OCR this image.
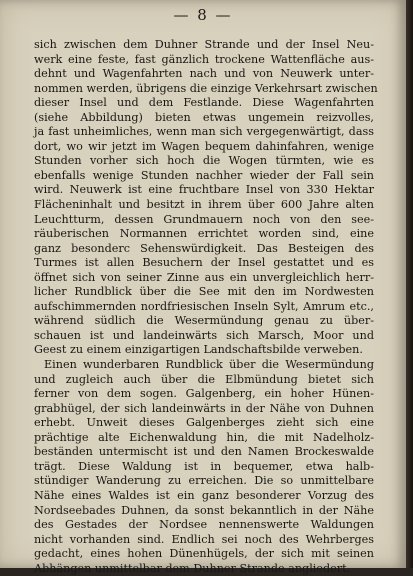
— 8 —
sich zwischen dem Duhner Strande und der Insel Neu-
werk eine feste, fast gänzlich trockene Wattenfläche aus-
dehnt und Wagenfahrten nach und von Neuwerk unter-
nommen werden, übrigens die einzige Verkehrsart zwischen
dieser Insel und dem Festlande. Diese Wagenfahrten
(siehe Abbildung) bieten etwas ungemein reizvolles,
ja fast unheimliches, wenn man sich vergegenwärtigt, dass
dort, wo wir jetzt im Wagen bequem dahinfahren, wenige
Stunden vorher sich hoch die Wogen türmten, wie es
ebenfalls wenige Stunden nachher wieder der Fall sein
wird. Neuwerk ist eine fruchtbare Insel von 330 Hektar
Flächeninhalt und besitzt in ihrem über 600 Jahre alten
Leuchtturm, dessen Grundmauern noch von den see-
räuberischen Normannen errichtet worden sind, eine
ganz besonderc Sehenswürdigkeit. Das Besteigen des
Turmes ist allen Besuchern der Insel gestattet und es
öffnet sich von seiner Zinne aus ein unvergleichlich herr-
licher Rundblick über die See mit den im Nordwesten
aufschimmernden nordfriesischen Inseln Sylt, Amrum etc.,
während südlich die Wesermündung genau zu über-
schauen ist und landeinwärts sich Marsch, Moor und
Geest zu einem einzigartigen Landschaftsbilde verweben.
Einen wunderbaren Rundblick über die Wesermündung
und zugleich auch über die Elbmündung bietet sich
ferner von dem sogen. Galgenberg, ein hoher Hünen-
grabhügel, der sich landeinwärts in der Nähe von Duhnen
erhebt. Unweit dieses Galgenberges zieht sich eine
prächtige alte Eichenwaldung hin, die mit Nadelholz-
beständen untermischt ist und den Namen Brockeswalde
trägt. Diese Waldung ist in bequemer, etwa halb-
stündiger Wanderung zu erreichen. Die so unmittelbare
Nähe eines Waldes ist ein ganz besonderer Vorzug des
Nordseebades Duhnen, da sonst bekanntlich in der Nähe
des Gestades der Nordsee nennenswerte Waldungen
nicht vorhanden sind. Endlich sei noch des Wehrberges
gedacht, eines hohen Dünenhügels, der sich mit seinen
Abhängen unmittelbar dem Duhner Strande angliedert.
